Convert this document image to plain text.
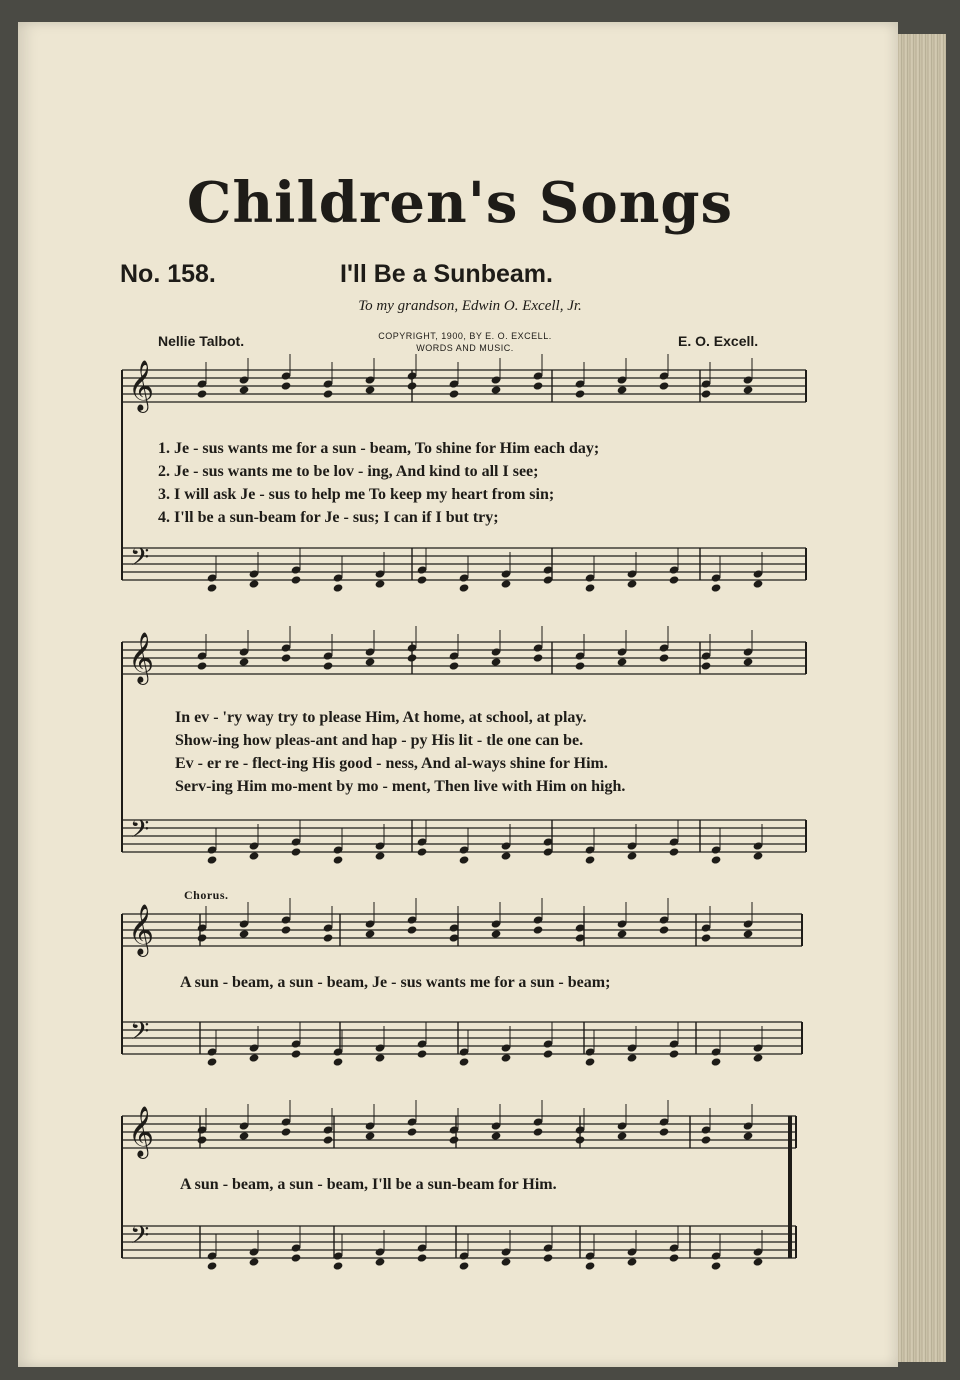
Children's Songs
No. 158.	I'll Be a Sunbeam.
To my grandson, Edwin O. Excell, Jr.
Nellie Talbot.	COPYRIGHT, 1900, BY E. O. EXCELL.
WORDS AND MUSIC.	E. O. Excell.
𝄞
𝄢
𝄞
𝄢
𝄞
𝄢
𝄞
𝄢
1. Je - sus wants me for a sun - beam, To shine for Him each day;
2. Je - sus wants me to be lov - ing, And kind to all I see;
3. I will ask Je - sus to help me To keep my heart from sin;
4. I'll be a sun-beam for Je - sus; I can if I but try;
In ev - 'ry way try to please Him, At home, at school, at play.
Show-ing how pleas-ant and hap - py His lit - tle one can be.
Ev - er re - flect-ing His good - ness, And al-ways shine for Him.
Serv-ing Him mo-ment by mo - ment, Then live with Him on high.
Chorus.
A sun - beam, a sun - beam, Je - sus wants me for a sun - beam;
A sun - beam, a sun - beam, I'll be a sun-beam for Him.
